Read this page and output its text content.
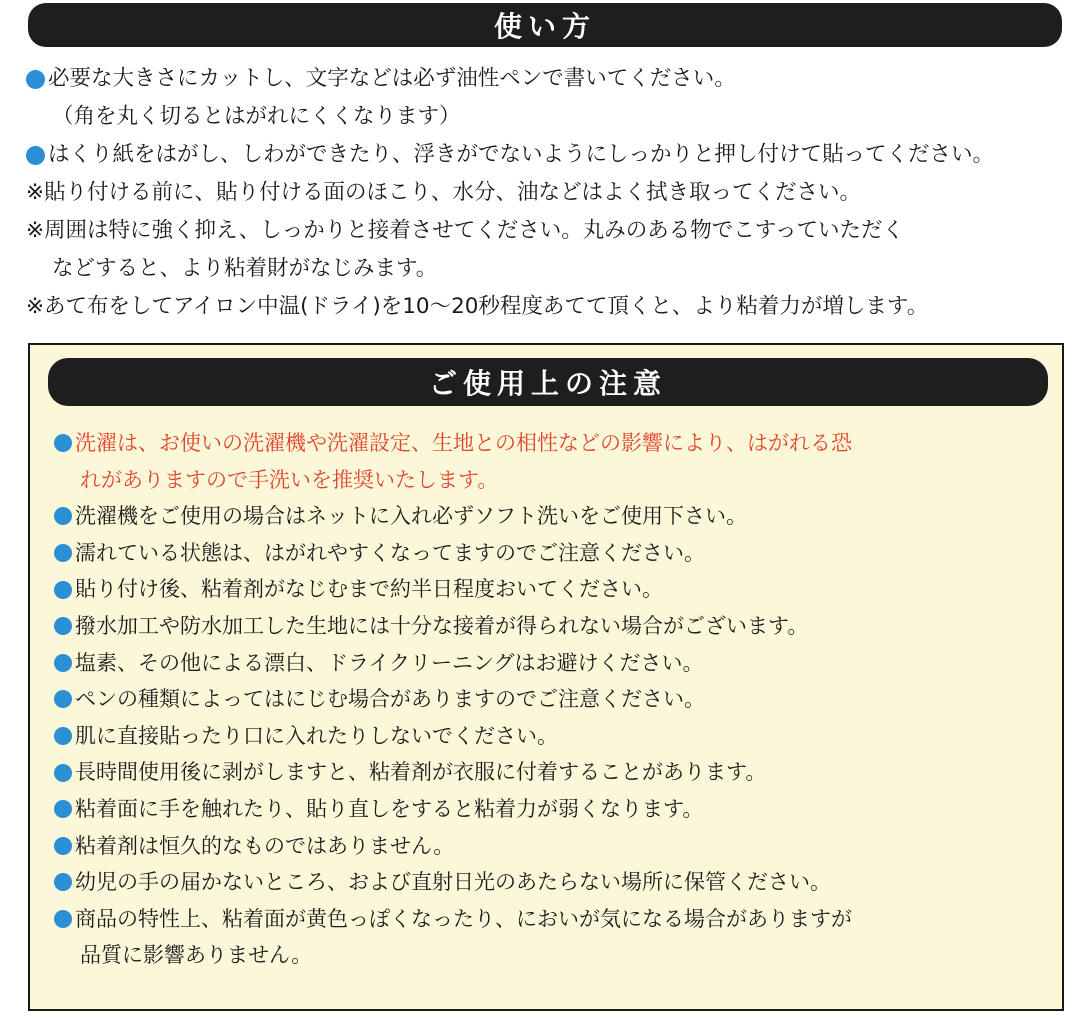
使い方
必要な大きさにカットし、文字などは必ず油性ペンで書いてください。
（角を丸く切るとはがれにくくなります）
はくり紙をはがし、しわができたり、浮きがでないようにしっかりと押し付けて貼ってください。
※貼り付ける前に、貼り付ける面のほこり、水分、油などはよく拭き取ってください。
※周囲は特に強く抑え、しっかりと接着させてください。丸みのある物でこすっていただく
などすると、より粘着財がなじみます。
※あて布をしてアイロン中温(ドライ)を10～20秒程度あてて頂くと、より粘着力が増します。
ご使用上の注意
洗濯は、お使いの洗濯機や洗濯設定、生地との相性などの影響により、はがれる恐
れがありますので手洗いを推奨いたします。
洗濯機をご使用の場合はネットに入れ必ずソフト洗いをご使用下さい。
濡れている状態は、はがれやすくなってますのでご注意ください。
貼り付け後、粘着剤がなじむまで約半日程度おいてください。
撥水加工や防水加工した生地には十分な接着が得られない場合がございます。
塩素、その他による漂白、ドライクリーニングはお避けください。
ペンの種類によってはにじむ場合がありますのでご注意ください。
肌に直接貼ったり口に入れたりしないでください。
長時間使用後に剥がしますと、粘着剤が衣服に付着することがあります。
粘着面に手を触れたり、貼り直しをすると粘着力が弱くなります。
粘着剤は恒久的なものではありません。
幼児の手の届かないところ、および直射日光のあたらない場所に保管ください。
商品の特性上、粘着面が黄色っぽくなったり、においが気になる場合がありますが
品質に影響ありません。
